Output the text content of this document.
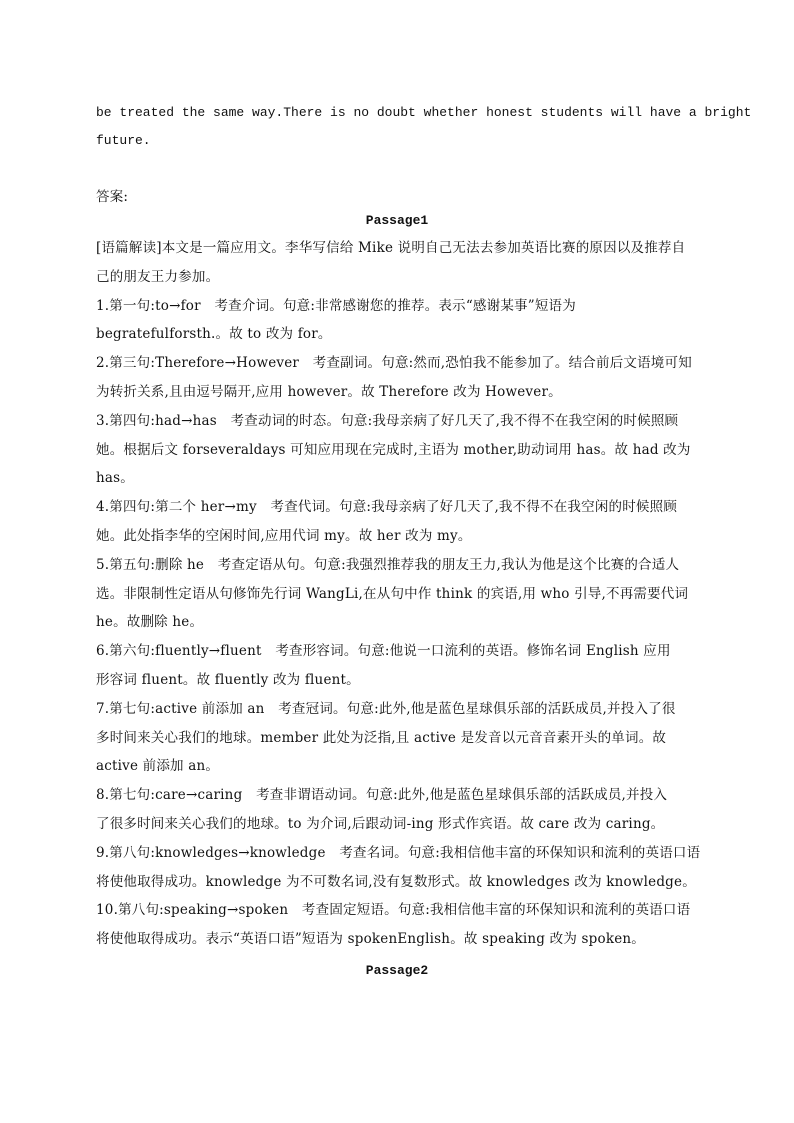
be treated the same way.There is no doubt whether honest students will have a bright
future.
答案:
Passage1
[语篇解读]本文是一篇应用文。李华写信给 Mike 说明自己无法去参加英语比赛的原因以及推荐自
己的朋友王力参加。
1.第一句:to→for　考查介词。句意:非常感谢您的推荐。表示“感谢某事”短语为
begratefulforsth.。故 to 改为 for。
2.第三句:Therefore→However　考查副词。句意:然而,恐怕我不能参加了。结合前后文语境可知
为转折关系,且由逗号隔开,应用 however。故 Therefore 改为 However。
3.第四句:had→has　考查动词的时态。句意:我母亲病了好几天了,我不得不在我空闲的时候照顾
她。根据后文 forseveraldays 可知应用现在完成时,主语为 mother,助动词用 has。故 had 改为
has。
4.第四句:第二个 her→my　考查代词。句意:我母亲病了好几天了,我不得不在我空闲的时候照顾
她。此处指李华的空闲时间,应用代词 my。故 her 改为 my。
5.第五句:删除 he　考查定语从句。句意:我强烈推荐我的朋友王力,我认为他是这个比赛的合适人
选。非限制性定语从句修饰先行词 WangLi,在从句中作 think 的宾语,用 who 引导,不再需要代词
he。故删除 he。
6.第六句:fluently→fluent　考查形容词。句意:他说一口流利的英语。修饰名词 English 应用
形容词 fluent。故 fluently 改为 fluent。
7.第七句:active 前添加 an　考查冠词。句意:此外,他是蓝色星球俱乐部的活跃成员,并投入了很
多时间来关心我们的地球。member 此处为泛指,且 active 是发音以元音音素开头的单词。故
active 前添加 an。
8.第七句:care→caring　考查非谓语动词。句意:此外,他是蓝色星球俱乐部的活跃成员,并投入
了很多时间来关心我们的地球。to 为介词,后跟动词-ing 形式作宾语。故 care 改为 caring。
9.第八句:knowledges→knowledge　考查名词。句意:我相信他丰富的环保知识和流利的英语口语
将使他取得成功。knowledge 为不可数名词,没有复数形式。故 knowledges 改为 knowledge。
10.第八句:speaking→spoken　考查固定短语。句意:我相信他丰富的环保知识和流利的英语口语
将使他取得成功。表示“英语口语”短语为 spokenEnglish。故 speaking 改为 spoken。
Passage2
